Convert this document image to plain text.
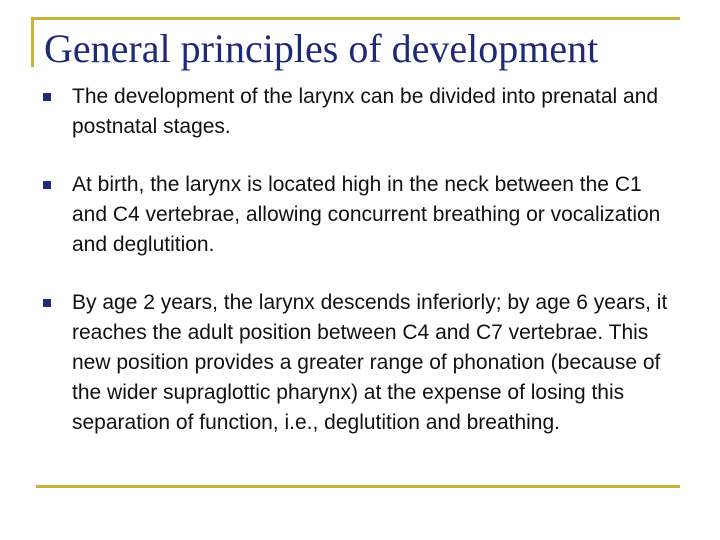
General principles of development
The development of the larynx can be divided into prenatal and postnatal stages.
At birth, the larynx is located high in the neck between the C1 and C4 vertebrae, allowing concurrent breathing or vocalization and deglutition.
By age 2 years, the larynx descends inferiorly; by age 6 years, it reaches the adult position between C4 and C7 vertebrae. This new position provides a greater range of phonation (because of the wider supraglottic pharynx) at the expense of losing this separation of function, i.e., deglutition and breathing.
